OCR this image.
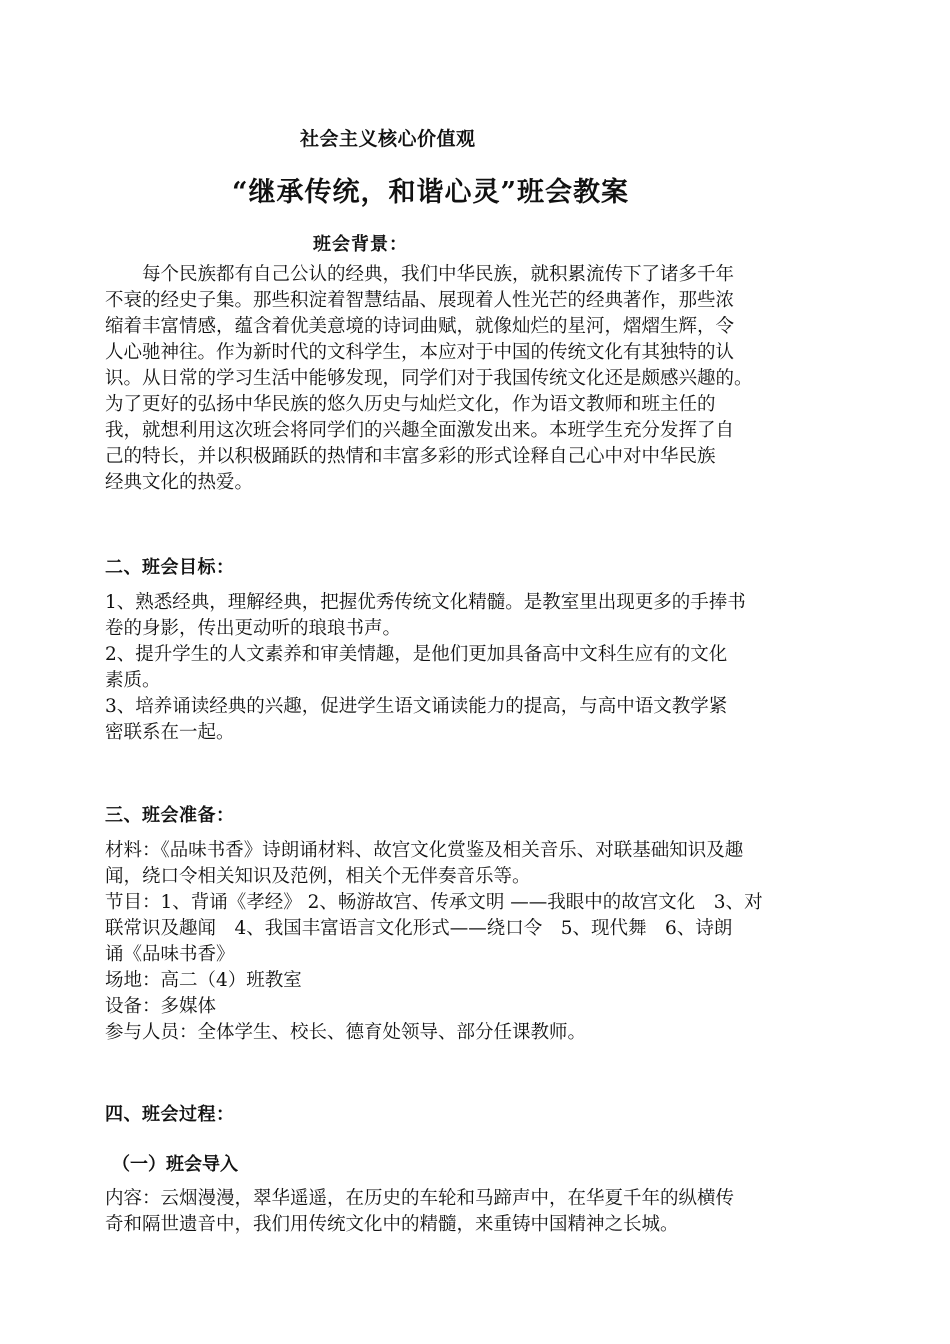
社会主义核心价值观

“继承传统，和谐心灵”班会教案

班会背景：

　　每个民族都有自己公认的经典，我们中华民族，就积累流传下了诸多千年

不衰的经史子集。那些积淀着智慧结晶、展现着人性光芒的经典著作，那些浓

缩着丰富情感，蕴含着优美意境的诗词曲赋，就像灿烂的星河，熠熠生辉，令

人心驰神往。作为新时代的文科学生，本应对于中国的传统文化有其独特的认

识。从日常的学习生活中能够发现，同学们对于我国传统文化还是颇感兴趣的。

为了更好的弘扬中华民族的悠久历史与灿烂文化，作为语文教师和班主任的

我，就想利用这次班会将同学们的兴趣全面激发出来。本班学生充分发挥了自

己的特长，并以积极踊跃的热情和丰富多彩的形式诠释自己心中对中华民族

经典文化的热爱。

二、班会目标：

1、熟悉经典，理解经典，把握优秀传统文化精髓。是教室里出现更多的手捧书

卷的身影，传出更动听的琅琅书声。

2、提升学生的人文素养和审美情趣，是他们更加具备高中文科生应有的文化

素质。

3、培养诵读经典的兴趣，促进学生语文诵读能力的提高，与高中语文教学紧

密联系在一起。

三、班会准备：

材料：《品味书香》诗朗诵材料、故宫文化赏鉴及相关音乐、对联基础知识及趣

闻，绕口令相关知识及范例，相关个无伴奏音乐等。

节目：1、背诵《孝经》 2、畅游故宫、传承文明 ——我眼中的故宫文化　3、对

联常识及趣闻　4、我国丰富语言文化形式——绕口令　5、现代舞　6、诗朗

诵《品味书香》

场地：高二（4）班教室

设备：多媒体

参与人员：全体学生、校长、德育处领导、部分任课教师。

四、班会过程：

（一）班会导入

内容：云烟漫漫，翠华遥遥，在历史的车轮和马蹄声中，在华夏千年的纵横传

奇和隔世遗音中，我们用传统文化中的精髓，来重铸中国精神之长城。
